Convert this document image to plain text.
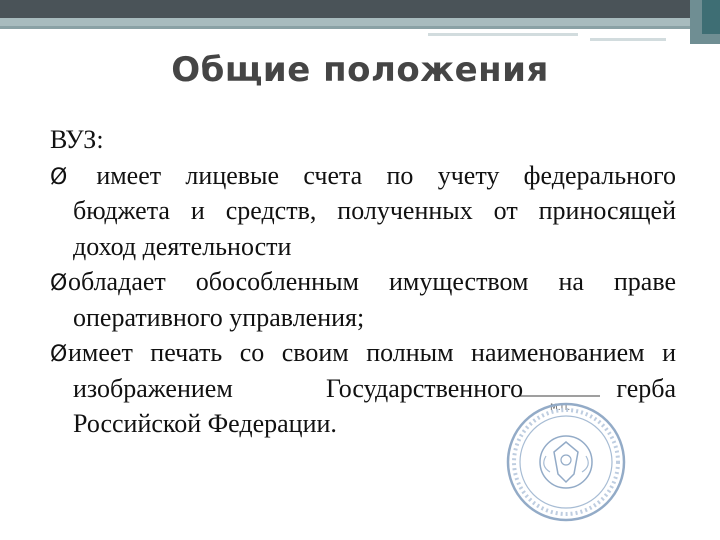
Общие положения
ВУЗ:
Ø имеет лицевые счета по учету федерального
бюджета и средств, полученных от приносящей
доход деятельности
Øобладает обособленным имуществом на праве
оперативного управления;
Øимеет печать со своим полным наименованием и
изображением Государственного герба
Российской Федерации.
М.П.
